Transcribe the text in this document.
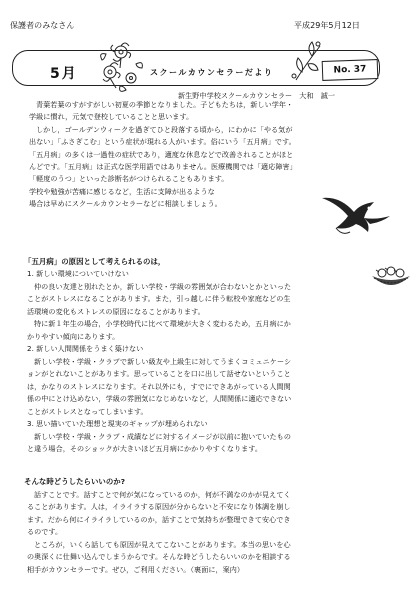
保護者のみなさん	平成29年5月12日
5月	スクールカウンセラーだより	No. 37
新生野中学校スクールカウンセラー　大和　誠一
青葉若葉のすがすがしい初夏の季節となりました。子どもたちは，新しい学年・
学級に慣れ，元気で登校していることと思います。
しかし，ゴールデンウィークを過ぎてひと段落する頃から，にわかに「やる気が
出ない」「ふさぎこむ」という症状が現れる人がいます。俗にいう「五月病」です。
「五月病」の多くは一過性の症状であり，適度な休息などで改善されることがほと
んどです。「五月病」は正式な医学用語ではありません。医療機関では「適応障害」
「軽度のうつ」といった診断名がつけられることもあります。
学校や勉強が苦痛に感じるなど，生活に支障が出るような
場合は早めにスクールカウンセラーなどに相談しましょう。
「五月病」の原因として考えられるのは，
1. 新しい環境についていけない
仲の良い友達と別れたとか，新しい学校・学級の雰囲気が合わないとかといった
ことがストレスになることがあります。また，引っ越しに伴う転校や家庭などの生
活環境の変化もストレスの原因になることがあります。
特に新１年生の場合，小学校時代に比べて環境が大きく変わるため，五月病にか
かりやすい傾向にあります。
2. 新しい人間関係をうまく築けない
新しい学校・学級・クラブで新しい級友や上級生に対してうまくコミュニケーシ
ョンがとれないことがあります。思っていることを口に出して話せないということ
は，かなりのストレスになります。それ以外にも，すでにできあがっている人間関
係の中にとけ込めない，学級の雰囲気になじめないなど，人間関係に適応できない
ことがストレスとなってしまいます。
3. 思い描いていた理想と現実のギャップが埋められない
新しい学校・学級・クラブ・成績などに対するイメージが以前に抱いていたもの
と違う場合，そのショックが大きいほど五月病にかかりやすくなります。
そんな時どうしたらいいのか?
話すことです。話すことで何が気になっているのか，何が不満なのかが見えてく
ることがあります。人は，イライラする原因が分からないと不安になり体調を崩し
ます。だから何にイライラしているのか，話すことで気持ちが整理できて安心でき
るのです。
ところが，いくら話しても原因が見えてこないことがあります。本当の思いを心
の奥深くに仕舞い込んでしまうからです。そんな時どうしたらいいのかを相談する
相手がカウンセラーです。ぜひ，ご利用ください。（裏面に，案内）
